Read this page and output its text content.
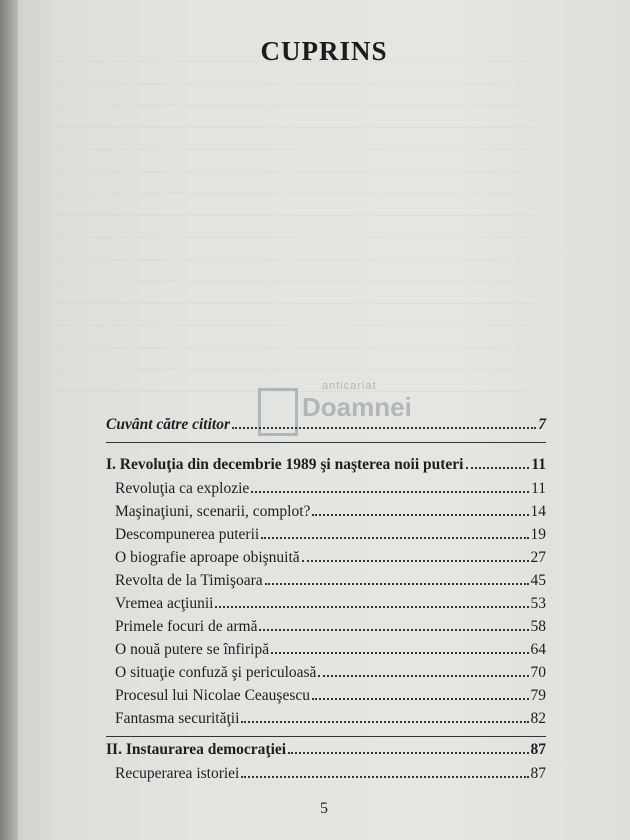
CUPRINS
anticariat
Doamnei
Cuvânt către cititor	7
I. Revoluţia din decembrie 1989 şi naşterea noii puteri	11
Revoluţia ca explozie	11
Maşinaţiuni, scenarii, complot?	14
Descompunerea puterii	19
O biografie aproape obişnuită	27
Revolta de la Timişoara	45
Vremea acţiunii	53
Primele focuri de armă	58
O nouă putere se înfiripă	64
O situaţie confuză şi periculoasă	70
Procesul lui Nicolae Ceauşescu	79
Fantasma securităţii	82
II. Instaurarea democraţiei	87
Recuperarea istoriei	87
5
